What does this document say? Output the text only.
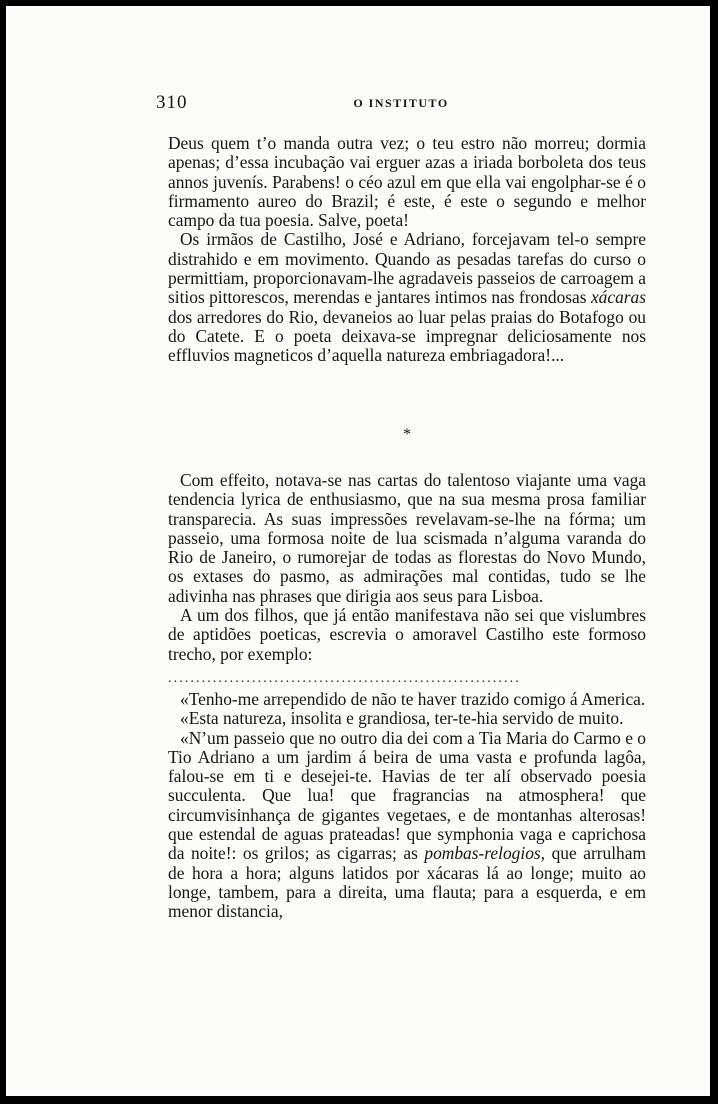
310	O INSTITUTO

Deus quem t’o manda outra vez; o teu estro não morreu; dormia apenas; d’essa incubação vai erguer azas a iriada borboleta dos teus annos juvenís. Parabens! o céo azul em que ella vai engolphar-se é o firmamento aureo do Brazil; é este, é este o segundo e melhor campo da tua poesia. Salve, poeta!

Os irmãos de Castilho, José e Adriano, forcejavam tel-o sempre distrahido e em movimento. Quando as pesadas tarefas do curso o permittiam, proporcionavam-lhe agradaveis passeios de carroagem a sitios pittorescos, merendas e jantares intimos nas frondosas xácaras dos arredores do Rio, devaneios ao luar pelas praias do Botafogo ou do Catete. E o poeta deixava-se impregnar deliciosamente nos effluvios magneticos d’aquella natureza embriagadora!...

*

Com effeito, notava-se nas cartas do talentoso viajante uma vaga tendencia lyrica de enthusiasmo, que na sua mesma prosa familiar transparecia. As suas impressões revelavam-se-lhe na fórma; um passeio, uma formosa noite de lua scismada n’alguma varanda do Rio de Janeiro, o rumorejar de todas as florestas do Novo Mundo, os extases do pasmo, as admirações mal contidas, tudo se lhe adivinha nas phrases que dirigia aos seus para Lisboa.

A um dos filhos, que já então manifestava não sei que vislumbres de aptidões poeticas, escrevia o amoravel Castilho este formoso trecho, por exemplo:

...............................................................

«Tenho-me arrependido de não te haver trazido comigo á America.

«Esta natureza, insolita e grandiosa, ter-te-hia servido de muito.

«N’um passeio que no outro dia dei com a Tia Maria do Carmo e o Tio Adriano a um jardim á beira de uma vasta e profunda lagôa, falou-se em ti e desejei-te. Havias de ter alí observado poesia succulenta. Que lua! que fragrancias na atmosphera! que circumvisinhança de gigantes vegetaes, e de montanhas alterosas! que estendal de aguas prateadas! que symphonia vaga e caprichosa da noite!: os grilos; as cigarras; as pombas-relogios, que arrulham de hora a hora; alguns latidos por xácaras lá ao longe; muito ao longe, tambem, para a direita, uma flauta; para a esquerda, e em menor distancia,
